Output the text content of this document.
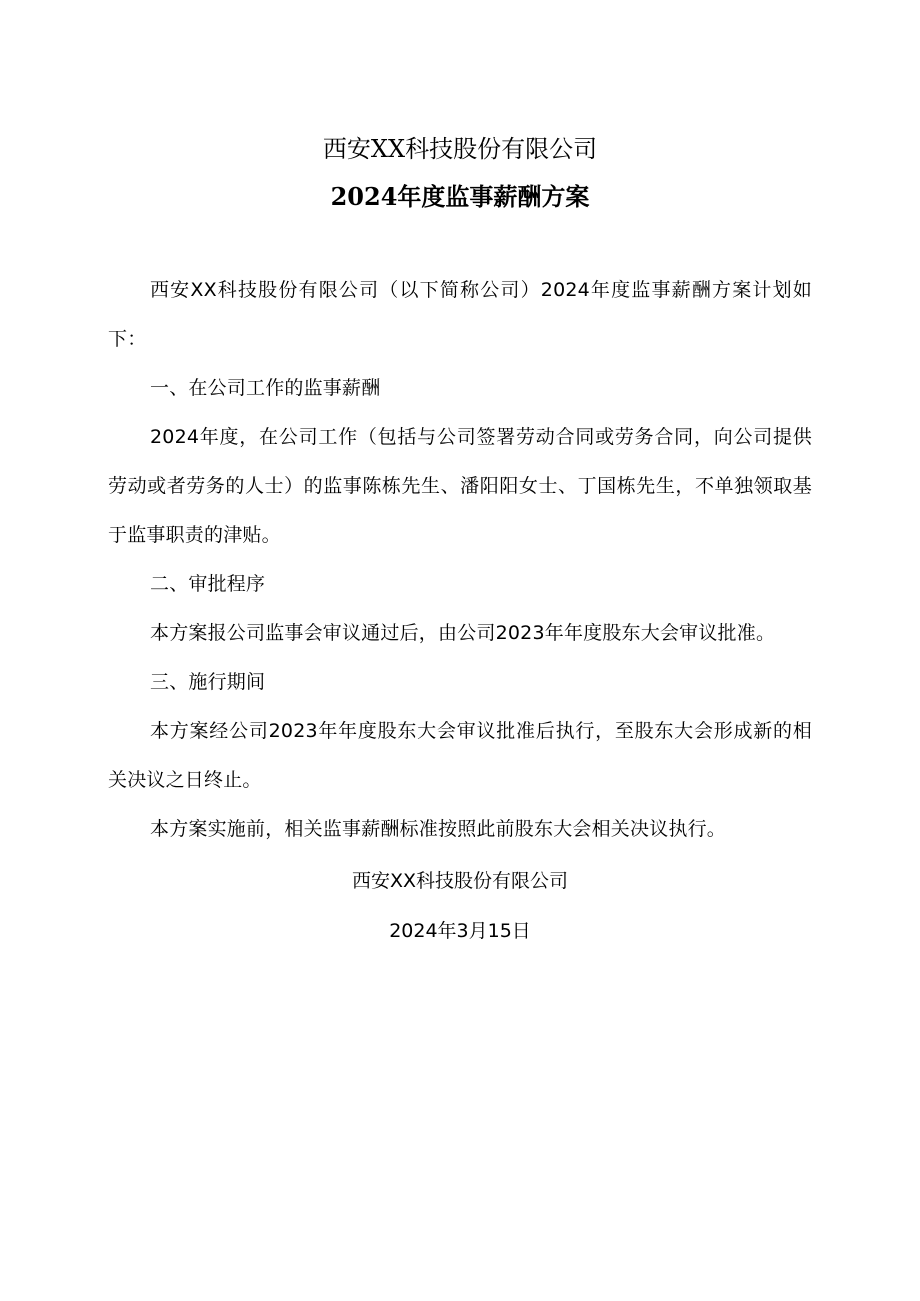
西安XX科技股份有限公司
2024年度监事薪酬方案
西安XX科技股份有限公司（以下简称公司）2024年度监事薪酬方案计划如下：
一、在公司工作的监事薪酬
2024年度，在公司工作（包括与公司签署劳动合同或劳务合同，向公司提供劳动或者劳务的人士）的监事陈栋先生、潘阳阳女士、丁国栋先生，不单独领取基于监事职责的津贴。
二、审批程序
本方案报公司监事会审议通过后，由公司2023年年度股东大会审议批准。
三、施行期间
本方案经公司2023年年度股东大会审议批准后执行，至股东大会形成新的相关决议之日终止。
本方案实施前，相关监事薪酬标准按照此前股东大会相关决议执行。
西安XX科技股份有限公司
2024年3月15日
